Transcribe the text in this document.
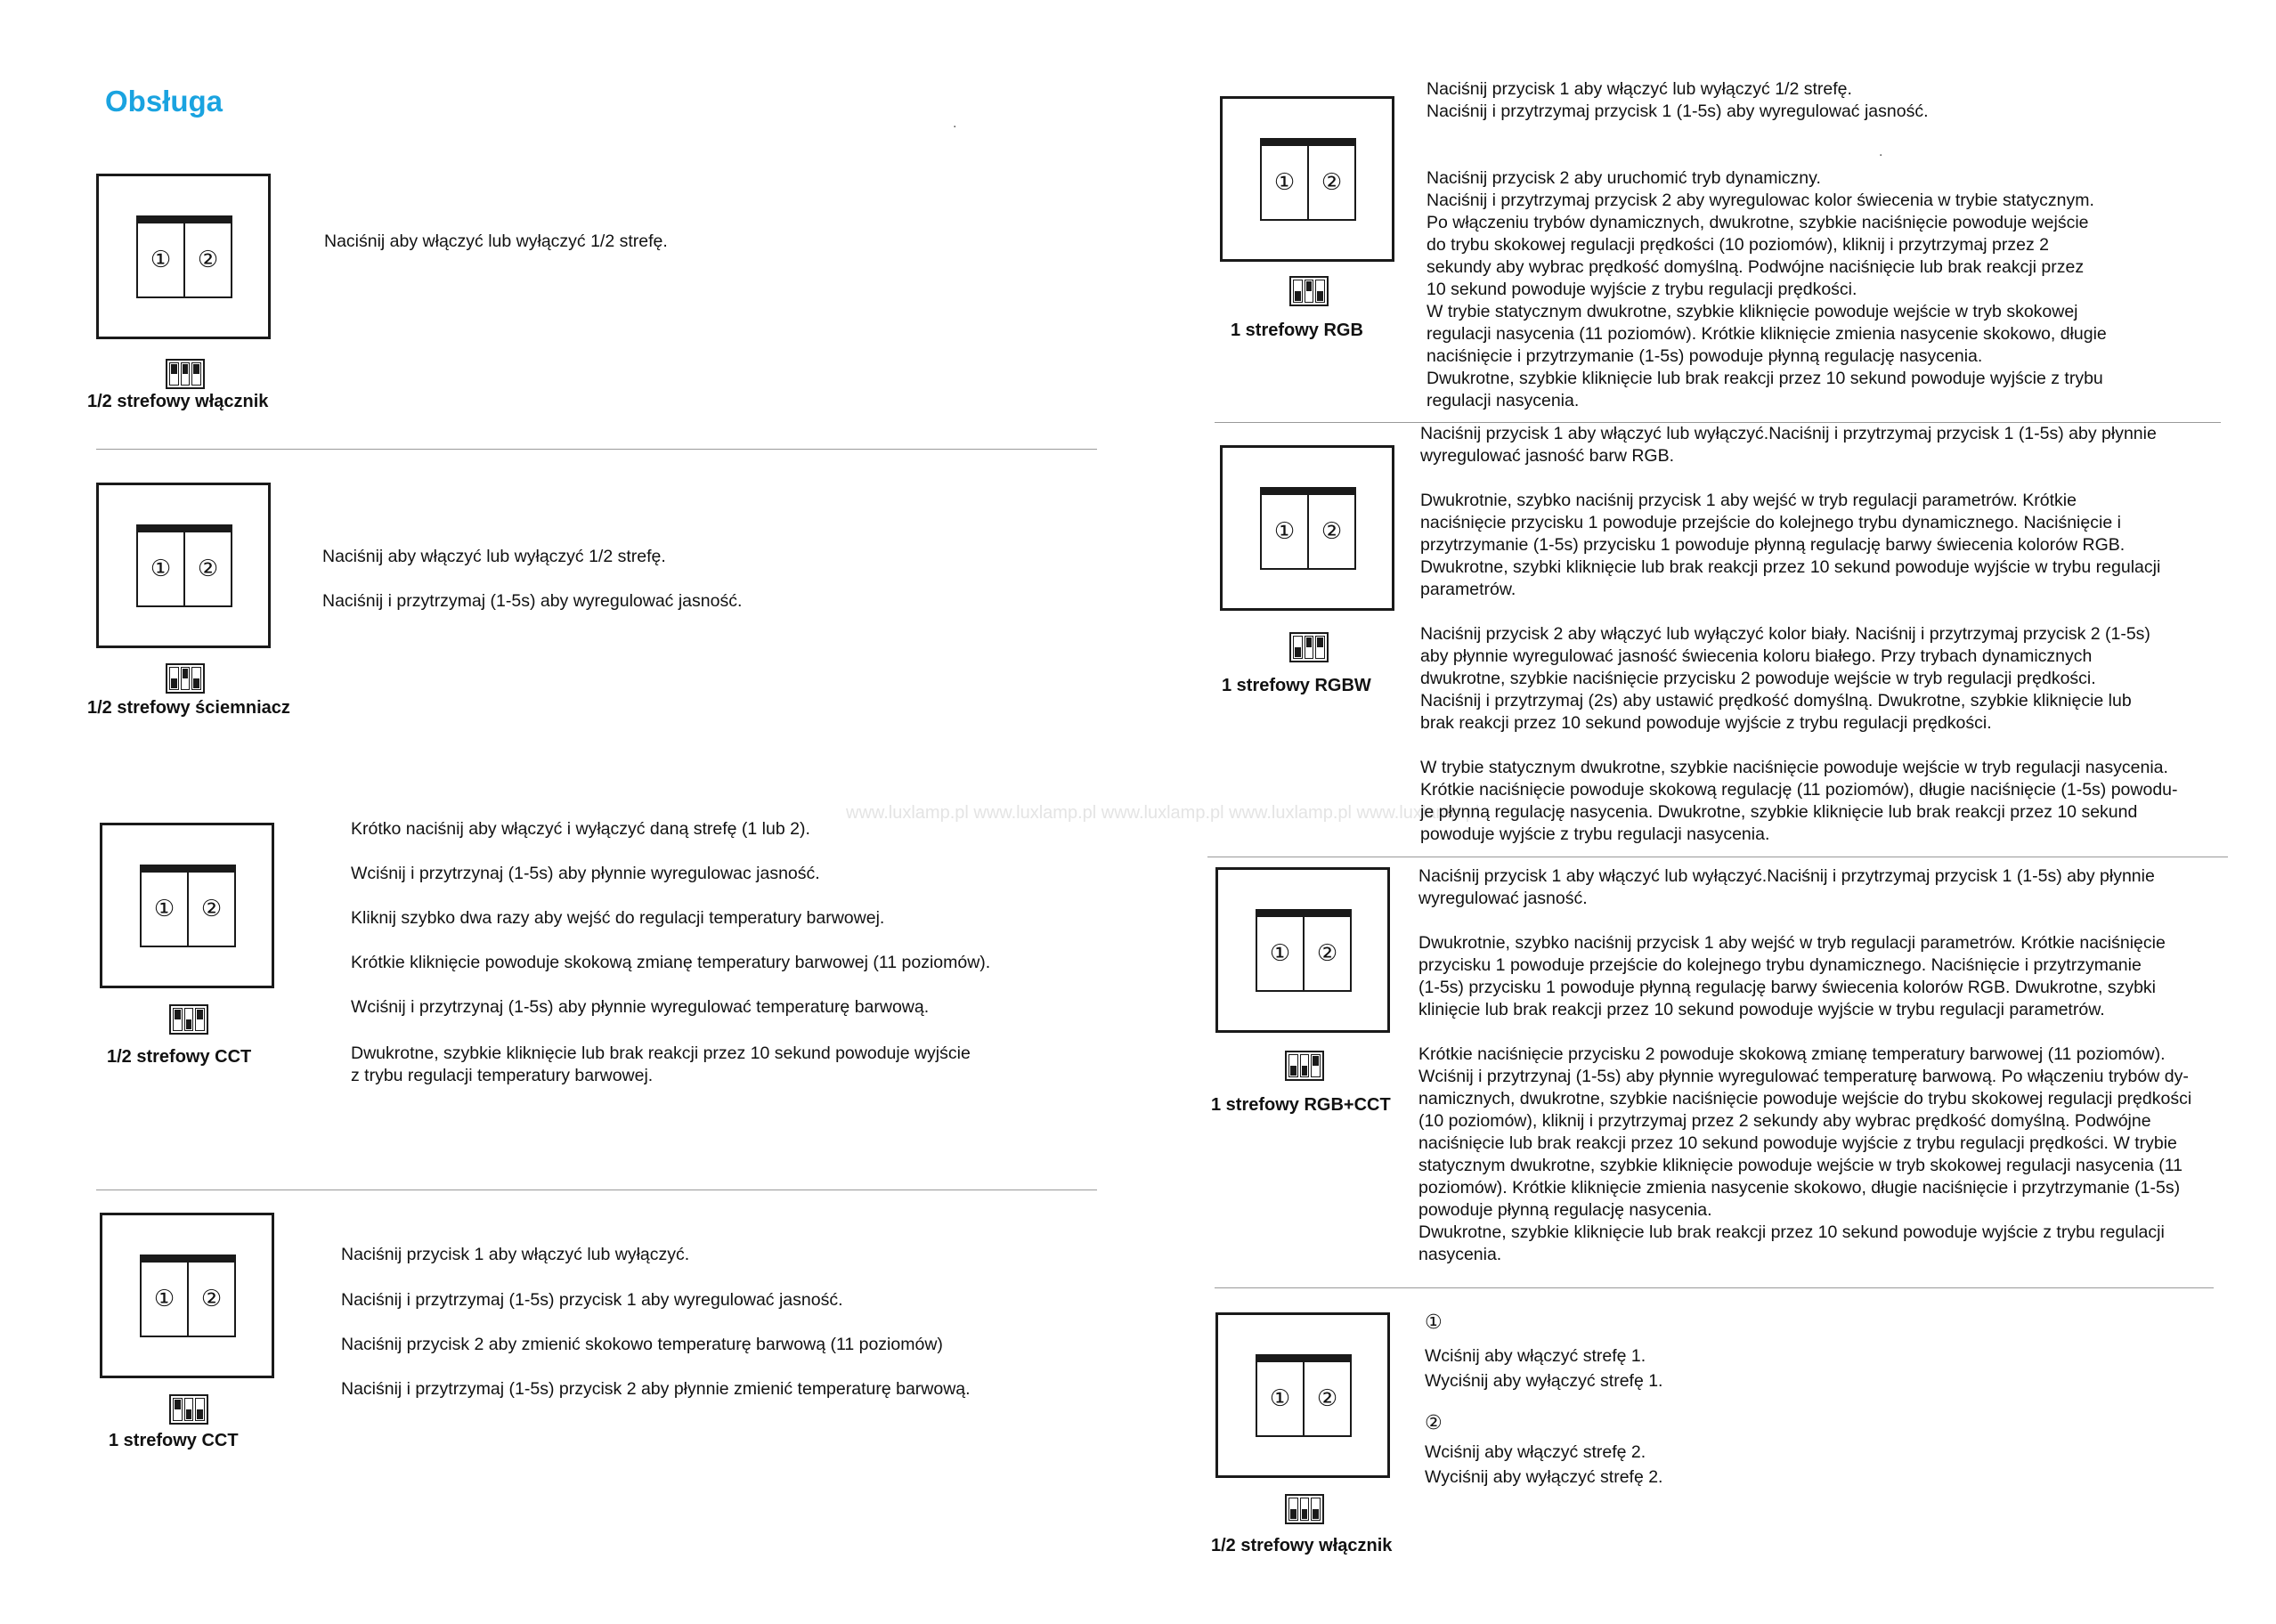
Obsługa
.
.
www.luxlamp.pl www.luxlamp.pl www.luxlamp.pl www.luxlamp.pl www.luxlamp.pl
①	②
1/2 strefowy włącznik
Naciśnij aby włączyć lub wyłączyć 1/2 strefę.
①	②
1/2 strefowy ściemniacz
Naciśnij aby włączyć lub wyłączyć 1/2 strefę.
Naciśnij i przytrzymaj (1-5s) aby wyregulować jasność.
①	②
1/2 strefowy CCT
Krótko naciśnij aby włączyć i wyłączyć daną strefę (1 lub 2).
Wciśnij i przytrzynaj (1-5s) aby płynnie wyregulowac jasność.
Kliknij szybko dwa razy aby wejść do regulacji temperatury barwowej.
Krótkie kliknięcie powoduje skokową zmianę temperatury barwowej (11 poziomów).
Wciśnij i przytrzynaj (1-5s) aby płynnie wyregulować temperaturę barwową.
Dwukrotne, szybkie kliknięcie lub brak reakcji przez 10 sekund powoduje wyjście
z trybu regulacji temperatury barwowej.
①	②
1 strefowy CCT
Naciśnij przycisk 1 aby włączyć lub wyłączyć.
Naciśnij i przytrzymaj (1-5s) przycisk 1 aby wyregulować jasność.
Naciśnij przycisk 2 aby zmienić skokowo temperaturę barwową (11 poziomów)
Naciśnij i przytrzymaj (1-5s) przycisk 2 aby płynnie zmienić temperaturę barwową.
①	②
1 strefowy RGB

Naciśnij przycisk 1 aby włączyć lub wyłączyć 1/2 strefę.

Naciśnij i przytrzymaj przycisk 1 (1-5s) aby wyregulować jasność.

Naciśnij przycisk 2 aby uruchomić tryb dynamiczny.

Naciśnij i przytrzymaj przycisk 2 aby wyregulowac kolor świecenia w trybie statycznym.

Po włączeniu trybów dynamicznych, dwukrotne, szybkie naciśnięcie powoduje wejście

do trybu skokowej regulacji prędkości (10 poziomów), kliknij i przytrzymaj przez 2

sekundy aby wybrac prędkość domyślną. Podwójne naciśnięcie lub brak reakcji przez

10 sekund powoduje wyjście z trybu regulacji prędkości.

W trybie statycznym dwukrotne, szybkie kliknięcie powoduje wejście w tryb skokowej

regulacji nasycenia (11 poziomów). Krótkie kliknięcie zmienia nasycenie skokowo, długie

naciśnięcie i przytrzymanie (1-5s) powoduje płynną regulację nasycenia.

Dwukrotne, szybkie kliknięcie lub brak reakcji przez 10 sekund powoduje wyjście z trybu

regulacji nasycenia.

①	②
1 strefowy RGBW

Naciśnij przycisk 1 aby włączyć lub wyłączyć.Naciśnij i przytrzymaj przycisk 1 (1-5s) aby płynnie

wyregulować jasność barw RGB.

Dwukrotnie, szybko naciśnij przycisk 1 aby wejść w tryb regulacji parametrów. Krótkie

naciśnięcie przycisku 1 powoduje przejście do kolejnego trybu dynamicznego. Naciśnięcie i

przytrzymanie (1-5s) przycisku 1 powoduje płynną regulację barwy świecenia kolorów RGB.

Dwukrotne, szybki kliknięcie lub brak reakcji przez 10 sekund powoduje wyjście w trybu regulacji

parametrów.

Naciśnij przycisk 2 aby włączyć lub wyłączyć kolor biały. Naciśnij i przytrzymaj przycisk 2 (1-5s)

aby płynnie wyregulować jasność świecenia koloru białego. Przy trybach dynamicznych

dwukrotne, szybkie naciśnięcie przycisku 2 powoduje wejście w tryb regulacji prędkości.

Naciśnij i przytrzymaj (2s) aby ustawić prędkość domyślną. Dwukrotne, szybkie kliknięcie lub

brak reakcji przez 10 sekund powoduje wyjście z trybu regulacji prędkości.

W trybie statycznym dwukrotne, szybkie naciśnięcie powoduje wejście w tryb regulacji nasycenia.

Krótkie naciśnięcie powoduje skokową regulację (11 poziomów), długie naciśnięcie (1-5s) powodu-

je płynną regulację nasycenia. Dwukrotne, szybkie kliknięcie lub brak reakcji przez 10 sekund

powoduje wyjście z trybu regulacji nasycenia.

①	②
1 strefowy RGB+CCT

Naciśnij przycisk 1 aby włączyć lub wyłączyć.Naciśnij i przytrzymaj przycisk 1 (1-5s) aby płynnie

wyregulować jasność.

Dwukrotnie, szybko naciśnij przycisk 1 aby wejść w tryb regulacji parametrów. Krótkie naciśnięcie

przycisku 1 powoduje przejście do kolejnego trybu dynamicznego. Naciśnięcie i przytrzymanie

(1-5s) przycisku 1 powoduje płynną regulację barwy świecenia kolorów RGB. Dwukrotne, szybki

klinięcie lub brak reakcji przez 10 sekund powoduje wyjście w trybu regulacji parametrów.

Krótkie naciśnięcie przycisku 2 powoduje skokową zmianę temperatury barwowej (11 poziomów).

Wciśnij i przytrzynaj (1-5s) aby płynnie wyregulować temperaturę barwową. Po włączeniu trybów dy-

namicznych, dwukrotne, szybkie naciśnięcie powoduje wejście do trybu skokowej regulacji prędkości

(10 poziomów), kliknij i przytrzymaj przez 2 sekundy aby wybrac prędkość domyślną. Podwójne

naciśnięcie lub brak reakcji przez 10 sekund powoduje wyjście z trybu regulacji prędkości. W trybie

statycznym dwukrotne, szybkie kliknięcie powoduje wejście w tryb skokowej regulacji nasycenia (11

poziomów). Krótkie kliknięcie zmienia nasycenie skokowo, długie naciśnięcie i przytrzymanie (1-5s)

powoduje płynną regulację nasycenia.

Dwukrotne, szybkie kliknięcie lub brak reakcji przez 10 sekund powoduje wyjście z trybu regulacji

nasycenia.

①	②
1/2 strefowy włącznik
①
Wciśnij aby włączyć strefę 1.
Wyciśnij aby wyłączyć strefę 1.
②
Wciśnij aby włączyć strefę 2.
Wyciśnij aby wyłączyć strefę 2.
